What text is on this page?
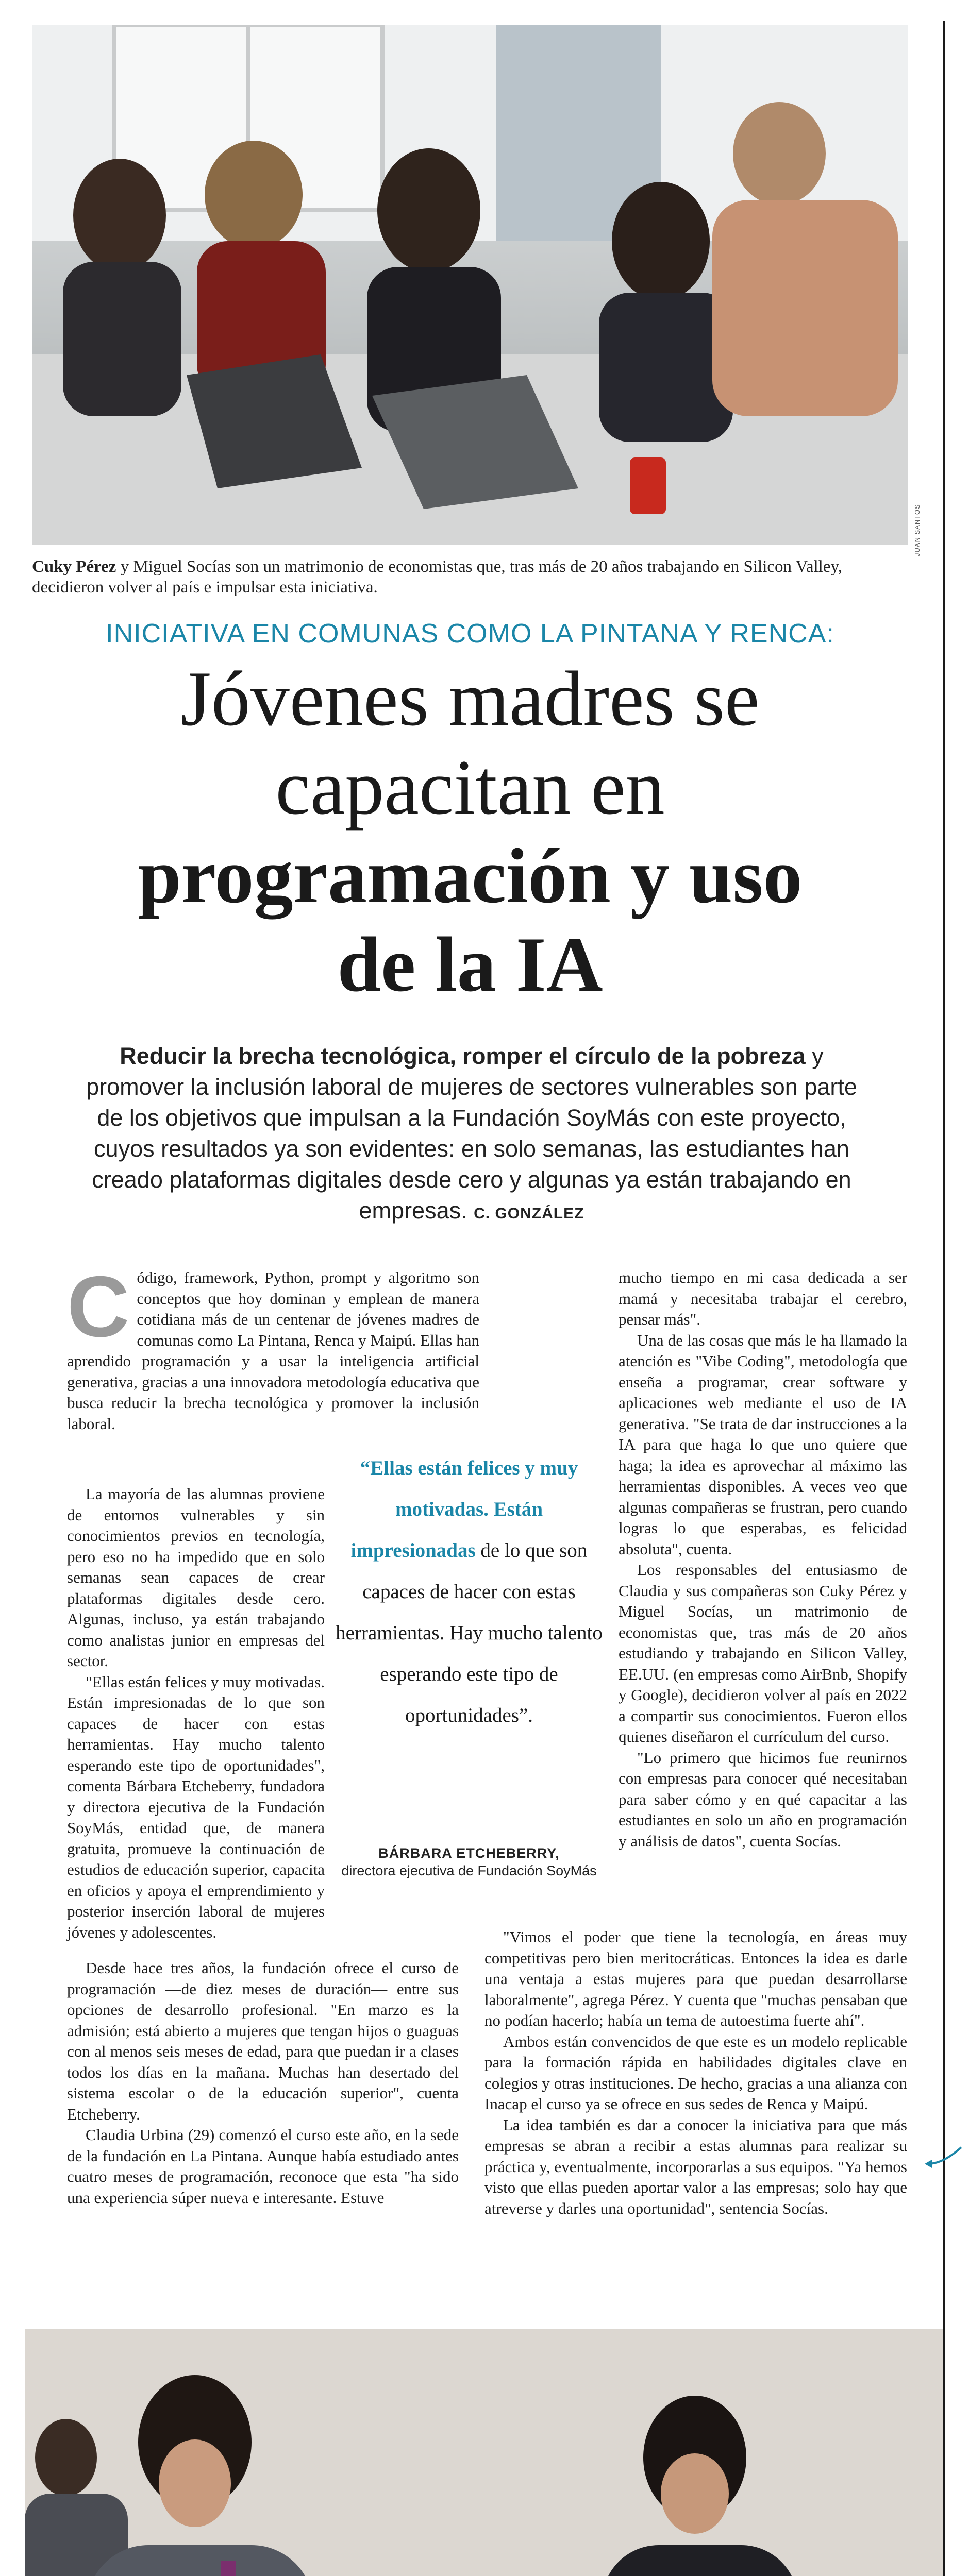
JUAN SANTOS
Cuky Pérez y Miguel Socías son un matrimonio de economistas que, tras más de 20 años trabajando en Silicon Valley, decidieron volver al país e impulsar esta iniciativa.
INICIATIVA EN COMUNAS COMO LA PINTANA Y RENCA:
Jóvenes madres se
capacitan en
programación y uso
de la IA
Reducir la brecha tecnológica, romper el círculo de la pobreza y promover la inclusión laboral de mujeres de sectores vulnerables son parte de los objetivos que impulsan a la Fundación SoyMás con este proyecto, cuyos resultados ya son evidentes: en solo semanas, las estudiantes han creado plataformas digitales desde cero y algunas ya están trabajando en empresas. C. GONZÁLEZ

Código, framework, Python, prompt y algoritmo son conceptos que hoy dominan y emplean de manera cotidiana más de un centenar de jóvenes madres de comunas como La Pintana, Renca y Maipú. Ellas han aprendido programación y a usar la inteligencia artificial generativa, gracias a una innovadora metodología educativa que busca reducir la brecha tecnológica y promover la inclusión laboral.

La mayoría de las alumnas proviene de entornos vulnerables y sin conocimientos previos en tecnología, pero eso no ha impedido que en solo semanas sean capaces de crear plataformas digitales desde cero. Algunas, incluso, ya están trabajando como analistas junior en empresas del sector.

"Ellas están felices y muy motivadas. Están impresionadas de lo que son capaces de hacer con estas herramientas. Hay mucho talento esperando este tipo de oportunidades", comenta Bárbara Etcheberry, fundadora y directora ejecutiva de la Fundación SoyMás, entidad que, de manera gratuita, promueve la continuación de estudios de educación superior, capacita en oficios y apoya el emprendimiento y posterior inserción laboral de mujeres jóvenes y adolescentes.

“Ellas están felices y muy motivadas. Están impresionadas de lo que son capaces de hacer con estas herramientas. Hay mucho talento esperando este tipo de oportunidades”.
BÁRBARA ETCHEBERRY,
directora ejecutiva de Fundación SoyMás

Desde hace tres años, la fundación ofrece el curso de programación —de diez meses de duración— entre sus opciones de desarrollo profesional. "En marzo es la admisión; está abierto a mujeres que tengan hijos o guaguas con al menos seis meses de edad, para que puedan ir a clases todos los días en la mañana. Muchas han desertado del sistema escolar o de la educación superior", cuenta Etcheberry.

Claudia Urbina (29) comenzó el curso este año, en la sede de la fundación en La Pintana. Aunque había estudiado antes cuatro meses de programación, reconoce que esta "ha sido una experiencia súper nueva e interesante. Estuve

mucho tiempo en mi casa dedicada a ser mamá y necesitaba trabajar el cerebro, pensar más".

Una de las cosas que más le ha llamado la atención es "Vibe Coding", metodología que enseña a programar, crear software y aplicaciones web mediante el uso de IA generativa. "Se trata de dar instrucciones a la IA para que haga lo que uno quiere que haga; la idea es aprovechar al máximo las herramientas disponibles. A veces veo que algunas compañeras se frustran, pero cuando logras lo que esperabas, es felicidad absoluta", cuenta.

Los responsables del entusiasmo de Claudia y sus compañeras son Cuky Pérez y Miguel Socías, un matrimonio de economistas que, tras más de 20 años estudiando y trabajando en Silicon Valley, EE.UU. (en empresas como AirBnb, Shopify y Google), decidieron volver al país en 2022 a compartir sus conocimientos. Fueron ellos quienes diseñaron el currículum del curso.

"Lo primero que hicimos fue reunirnos con empresas para conocer qué necesitaban para saber cómo y en qué capacitar a las estudiantes en solo un año en programación y análisis de datos", cuenta Socías.

"Vimos el poder que tiene la tecnología, en áreas muy competitivas pero bien meritocráticas. Entonces la idea es darle una ventaja a estas mujeres para que puedan desarrollarse laboralmente", agrega Pérez. Y cuenta que "muchas pensaban que no podían hacerlo; había un tema de autoestima fuerte ahí".

Ambos están convencidos de que este es un modelo replicable para la formación rápida en habilidades digitales clave en colegios y otras instituciones. De hecho, gracias a una alianza con Inacap el curso ya se ofrece en sus sedes de Renca y Maipú.

La idea también es dar a conocer la iniciativa para que más empresas se abran a recibir a estas alumnas para realizar su práctica y, eventualmente, incorporarlas a sus equipos. "Ya hemos visto que ellas pueden aportar valor a las empresas; solo hay que atreverse y darles una oportunidad", sentencia Socías.
